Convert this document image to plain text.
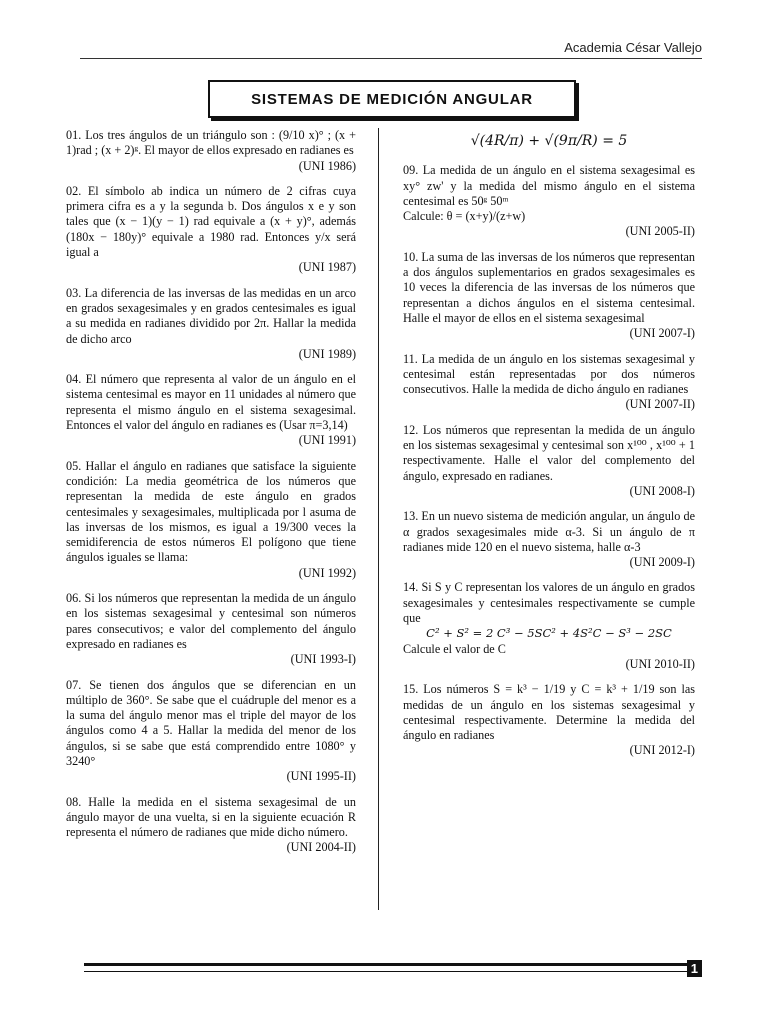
Academia César Vallejo
SISTEMAS DE MEDICIÓN ANGULAR

01. Los tres ángulos de un triángulo son : (9/10 x)° ; (x + 1)rad ; (x + 2)ᵍ. El mayor de ellos expresado en radianes es

(UNI 1986)

02. El símbolo ab indica un número de 2 cifras cuya primera cifra es a y la segunda b. Dos ángulos x e y son tales que (x − 1)(y − 1) rad equivale a (x + y)°, además (180x − 180y)° equivale a 1980 rad. Entonces y/x será igual a

(UNI 1987)

03. La diferencia de las inversas de las medidas en un arco en grados sexagesimales y en grados centesimales es igual a su medida en radianes dividido por 2π. Hallar la medida de dicho arco

(UNI 1989)

04. El número que representa al valor de un ángulo en el sistema centesimal es mayor en 11 unidades al número que representa el mismo ángulo en el sistema sexagesimal. Entonces el valor del ángulo en radianes es (Usar π=3,14)

(UNI 1991)

05. Hallar el ángulo en radianes que satisface la siguiente condición: La media geométrica de los números que representan la medida de este ángulo en grados centesimales y sexagesimales, multiplicada por l asuma de las inversas de los mismos, es igual a 19/300 veces la semidiferencia de estos números El polígono que tiene ángulos iguales se llama:

(UNI 1992)

06. Si los números que representan la medida de un ángulo en los sistemas sexagesimal y centesimal son números pares consecutivos; e valor del complemento del ángulo expresado en radianes es

(UNI 1993-I)

07. Se tienen dos ángulos que se diferencian en un múltiplo de 360°. Se sabe que el cuádruple del menor es a la suma del ángulo menor mas el triple del mayor de los ángulos como 4 a 5. Hallar la medida del menor de los ángulos, si se sabe que está comprendido entre 1080° y 3240°

(UNI 1995-II)

08. Halle la medida en el sistema sexagesimal de un ángulo mayor de una vuelta, si en la siguiente ecuación R representa el número de radianes que mide dicho número.

(UNI 2004-II)

√(4R/π) + √(9π/R) = 5

09. La medida de un ángulo en el sistema sexagesimal es xy° zw' y la medida del mismo ángulo en el sistema centesimal es 50ᵍ 50ᵐ

Calcule: θ = (x+y)/(z+w)

(UNI 2005-II)

10. La suma de las inversas de los números que representan a dos ángulos suplementarios en grados sexagesimales es 10 veces la diferencia de las inversas de los números que representan a dichos ángulos en el sistema centesimal. Halle el mayor de ellos en el sistema sexagesimal

(UNI 2007-I)

11. La medida de un ángulo en los sistemas sexagesimal y centesimal están representadas por dos números consecutivos. Halle la medida de dicho ángulo en radianes

(UNI 2007-II)

12. Los números que representan la medida de un ángulo en los sistemas sexagesimal y centesimal son x¹⁰⁰ , x¹⁰⁰ + 1 respectivamente. Halle el valor del complemento del ángulo, expresado en radianes.

(UNI 2008-I)

13. En un nuevo sistema de medición angular, un ángulo de α grados sexagesimales mide α-3. Si un ángulo de π radianes mide 120 en el nuevo sistema, halle α-3

(UNI 2009-I)

14. Si S y C representan los valores de un ángulo en grados sexagesimales y centesimales respectivamente se cumple que

C² + S² = 2 C³ − 5SC² + 4S²C − S³ − 2SC

Calcule el valor de C

(UNI 2010-II)

15. Los números S = k³ − 1/19 y C = k³ + 1/19 son las medidas de un ángulo en los sistemas sexagesimal y centesimal respectivamente. Determine la medida del ángulo en radianes

(UNI 2012-I)
1
